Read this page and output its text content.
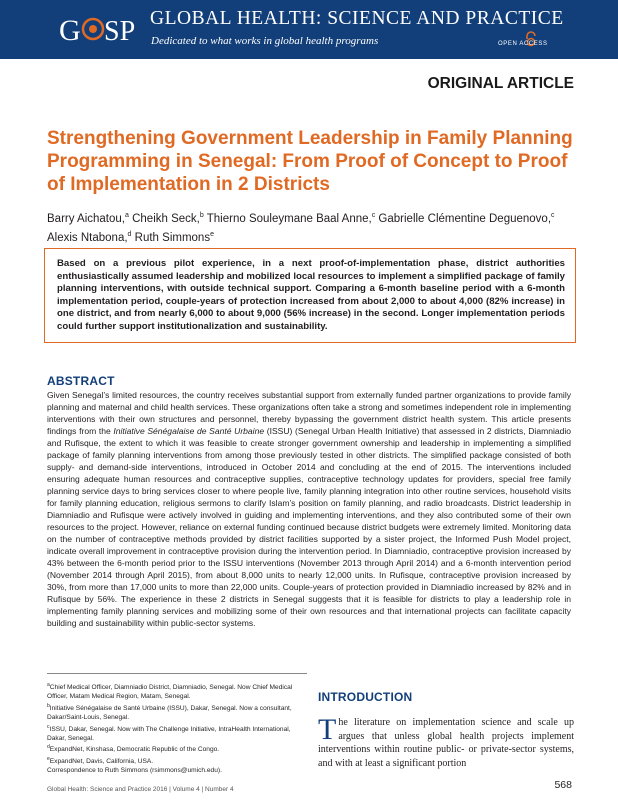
G SP GLOBAL HEALTH: SCIENCE AND PRACTICE
Dedicated to what works in global health programs	OPEN ACCESS
ORIGINAL ARTICLE
Strengthening Government Leadership in Family Planning Programming in Senegal: From Proof of Concept to Proof of Implementation in 2 Districts
Barry Aichatou,$^a$ Cheikh Seck,$^b$ Thierno Souleymane Baal Anne,$^c$ Gabrielle Clémentine Deguenovo,$^c$
Alexis Ntabona,$^d$ Ruth Simmons$^e$

Based on a previous pilot experience, in a next proof-of-implementation phase, district authorities enthusiastically assumed leadership and mobilized local resources to implement a simplified package of family planning interventions, with outside technical support. Comparing a 6-month baseline period with a 6-month implementation period, couple-years of protection increased from about 2,000 to about 4,000 (82% increase) in one district, and from nearly 6,000 to about 9,000 (56% increase) in the second. Longer implementation periods could further support institutionalization and sustainability.

ABSTRACT

Given Senegal’s limited resources, the country receives substantial support from externally funded partner organizations to provide family planning and maternal and child health services. These organizations often take a strong and sometimes independent role in implementing interventions with their own structures and personnel, thereby bypassing the government district health system. This article presents findings from the Initiative Sénégalaise de Santé Urbaine (ISSU) (Senegal Urban Health Initiative) that assessed in 2 districts, Diamniadio and Rufisque, the extent to which it was feasible to create stronger government ownership and leadership in implementing a simplified package of family planning interventions from among those previously tested in other districts. The simplified package consisted of both supply- and demand-side interventions, introduced in October 2014 and concluding at the end of 2015. The interventions included ensuring adequate human resources and contraceptive supplies, contraceptive technology updates for providers, special free family planning service days to bring services closer to where people live, family planning integration into other routine services, household visits for family planning education, religious sermons to clarify Islam’s position on family planning, and radio broadcasts. District leadership in Diamniadio and Rufisque were actively involved in guiding and implementing interventions, and they also contributed some of their own resources to the project. However, reliance on external funding continued because district budgets were extremely limited. Monitoring data on the number of contraceptive methods provided by district facilities supported by a sister project, the Informed Push Model project, indicate overall improvement in contraceptive provision during the intervention period. In Diamniadio, contraceptive provision increased by 43% between the 6-month period prior to the ISSU interventions (November 2013 through April 2014) and a 6-month intervention period (November 2014 through April 2015), from about 8,000 units to nearly 12,000 units. In Rufisque, contraceptive provision increased by 30%, from more than 17,000 units to more than 22,000 units. Couple-years of protection provided in Diamniadio increased by 82% and in Rufisque by 56%. The experience in these 2 districts in Senegal suggests that it is feasible for districts to play a leadership role in implementing family planning services and mobilizing some of their own resources and that international projects can facilitate capacity building and sustainability within public-sector systems.

$^a$Chief Medical Officer, Diamniadio District, Diamniadio, Senegal. Now Chief Medical Officer, Matam Medical Region, Matam, Senegal.
$^b$Initiative Sénégalaise de Santé Urbaine (ISSU), Dakar, Senegal. Now a consultant, Dakar/Saint-Louis, Senegal.
$^c$ISSU, Dakar, Senegal. Now with The Challenge Initiative, IntraHealth International, Dakar, Senegal.
$^d$ExpandNet, Kinshasa, Democratic Republic of the Congo.
$^e$ExpandNet, Davis, California, USA.
Correspondence to Ruth Simmons (rsimmons@umich.edu).
INTRODUCTION

The literature on implementation science and scale up argues that unless global health projects implement interventions within routine public- or private-sector systems, and with at least a significant portion

Global Health: Science and Practice 2016 | Volume 4 | Number 4	568
